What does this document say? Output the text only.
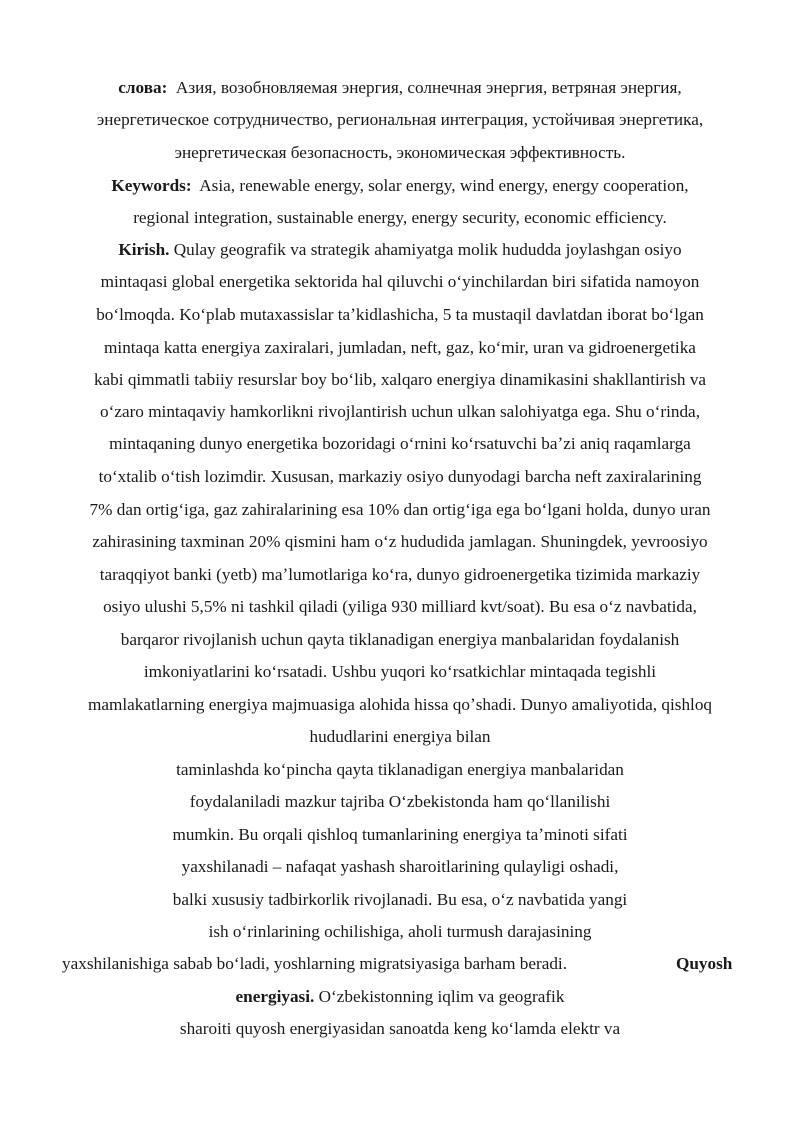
слова: Азия, возобновляемая энергия, солнечная энергия, ветряная энергия,

энергетическое сотрудничество, региональная интеграция, устойчивая энергетика,

энергетическая безопасность, экономическая эффективность.

Keywords: Asia, renewable energy, solar energy, wind energy, energy cooperation,

regional integration, sustainable energy, energy security, economic efficiency.

Kirish. Qulay geografik va strategik ahamiyatga molik hududda joylashgan osiyo

mintaqasi global energetika sektorida hal qiluvchi oʻyinchilardan biri sifatida namoyon

boʻlmoqda. Koʻplab mutaxassislar taʼkidlashicha, 5 ta mustaqil davlatdan iborat boʻlgan

mintaqa katta energiya zaxiralari, jumladan, neft, gaz, koʻmir, uran va gidroenergetika

kabi qimmatli tabiiy resurslar boy boʻlib, xalqaro energiya dinamikasini shakllantirish va

oʻzaro mintaqaviy hamkorlikni rivojlantirish uchun ulkan salohiyatga ega. Shu oʻrinda,

mintaqaning dunyo energetika bozoridagi oʻrnini koʻrsatuvchi baʼzi aniq raqamlarga

toʻxtalib oʻtish lozimdir. Xususan, markaziy osiyo dunyodagi barcha neft zaxiralarining

7% dan ortigʻiga, gaz zahiralarining esa 10% dan ortigʻiga ega boʻlgani holda, dunyo uran

zahirasining taxminan 20% qismini ham oʻz hududida jamlagan. Shuningdek, yevroosiyo

taraqqiyot banki (yetb) maʼlumotlariga koʻra, dunyo gidroenergetika tizimida markaziy

osiyo ulushi 5,5% ni tashkil qiladi (yiliga 930 milliard kvt/soat). Bu esa oʻz navbatida,

barqaror rivojlanish uchun qayta tiklanadigan energiya manbalaridan foydalanish

imkoniyatlarini koʻrsatadi. Ushbu yuqori koʻrsatkichlar mintaqada tegishli

mamlakatlarning energiya majmuasiga alohida hissa qoʼshadi. Dunyo amaliyotida, qishloq

hududlarini energiya bilan

taminlashda koʻpincha qayta tiklanadigan energiya manbalaridan

foydalaniladi mazkur tajriba Oʻzbekistonda ham qoʻllanilishi

mumkin. Bu orqali qishloq tumanlarining energiya taʼminoti sifati

yaxshilanadi – nafaqat yashash sharoitlarining qulayligi oshadi,

balki xususiy tadbirkorlik rivojlanadi. Bu esa, oʻz navbatida yangi

ish oʻrinlarining ochilishiga, aholi turmush darajasining

yaxshilanishiga sabab boʻladi, yoshlarning migratsiyasiga barham beradi.	Quyosh

energiyasi. Oʻzbekistonning iqlim va geografik

sharoiti quyosh energiyasidan sanoatda keng koʻlamda elektr va
